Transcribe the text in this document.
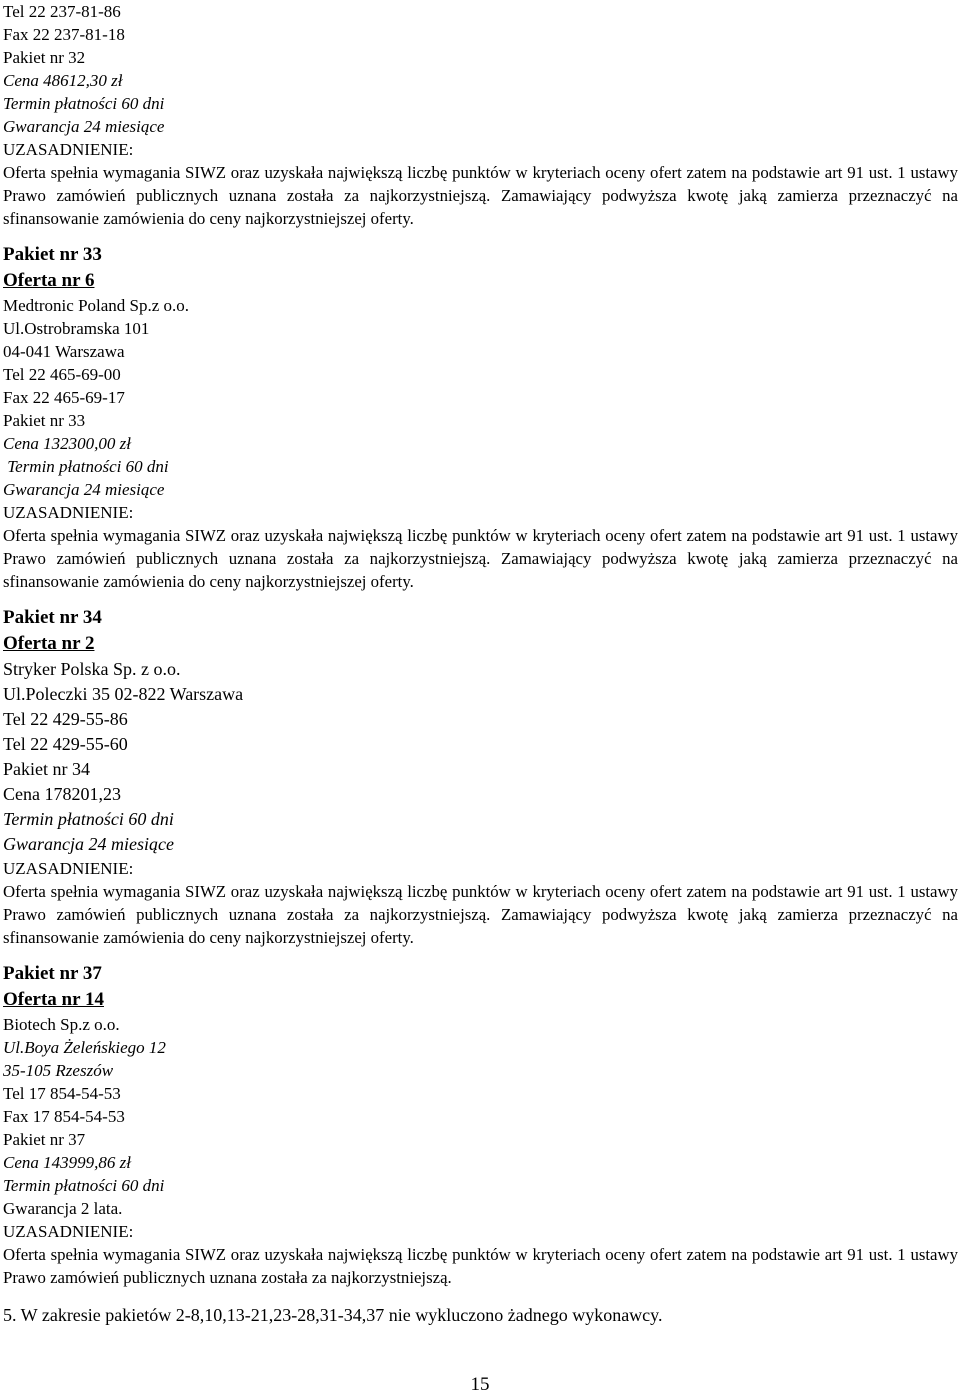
Tel 22 237-81-86
Fax 22 237-81-18
Pakiet nr 32
Cena 48612,30 zł
Termin płatności 60 dni
Gwarancja 24 miesiące
UZASADNIENIE:
Oferta spełnia wymagania SIWZ oraz uzyskała największą liczbę punktów w kryteriach oceny ofert zatem na podstawie art 91 ust. 1 ustawy Prawo zamówień publicznych uznana została za najkorzystniejszą. Zamawiający podwyższa kwotę jaką zamierza przeznaczyć na sfinansowanie zamówienia do ceny najkorzystniejszej oferty.
Pakiet nr 33
Oferta nr 6
Medtronic Poland Sp.z o.o.
Ul.Ostrobramska 101
04-041 Warszawa
Tel 22 465-69-00
Fax 22 465-69-17
Pakiet nr 33
Cena 132300,00 zł
Termin płatności 60 dni
Gwarancja 24 miesiące
UZASADNIENIE:
Oferta spełnia wymagania SIWZ oraz uzyskała największą liczbę punktów w kryteriach oceny ofert zatem na podstawie art 91 ust. 1 ustawy Prawo zamówień publicznych uznana została za najkorzystniejszą. Zamawiający podwyższa kwotę jaką zamierza przeznaczyć na sfinansowanie zamówienia do ceny najkorzystniejszej oferty.
Pakiet nr 34
Oferta nr 2
Stryker Polska Sp. z o.o.
Ul.Poleczki 35 02-822 Warszawa
Tel 22 429-55-86
Tel 22 429-55-60
Pakiet nr 34
Cena 178201,23
Termin płatności 60 dni
Gwarancja 24 miesiące
UZASADNIENIE:
Oferta spełnia wymagania SIWZ oraz uzyskała największą liczbę punktów w kryteriach oceny ofert zatem na podstawie art 91 ust. 1 ustawy Prawo zamówień publicznych uznana została za najkorzystniejszą. Zamawiający podwyższa kwotę jaką zamierza przeznaczyć na sfinansowanie zamówienia do ceny najkorzystniejszej oferty.
Pakiet nr 37
Oferta nr 14
Biotech Sp.z o.o.
Ul.Boya Żeleńskiego 12
35-105 Rzeszów
Tel 17 854-54-53
Fax 17 854-54-53
Pakiet nr 37
Cena 143999,86 zł
Termin płatności 60 dni
Gwarancja 2 lata.
UZASADNIENIE:
Oferta spełnia wymagania SIWZ oraz uzyskała największą liczbę punktów w kryteriach oceny ofert zatem na podstawie art 91 ust. 1 ustawy Prawo zamówień publicznych uznana została za najkorzystniejszą.
5. W zakresie pakietów 2-8,10,13-21,23-28,31-34,37 nie wykluczono żadnego wykonawcy.
15
